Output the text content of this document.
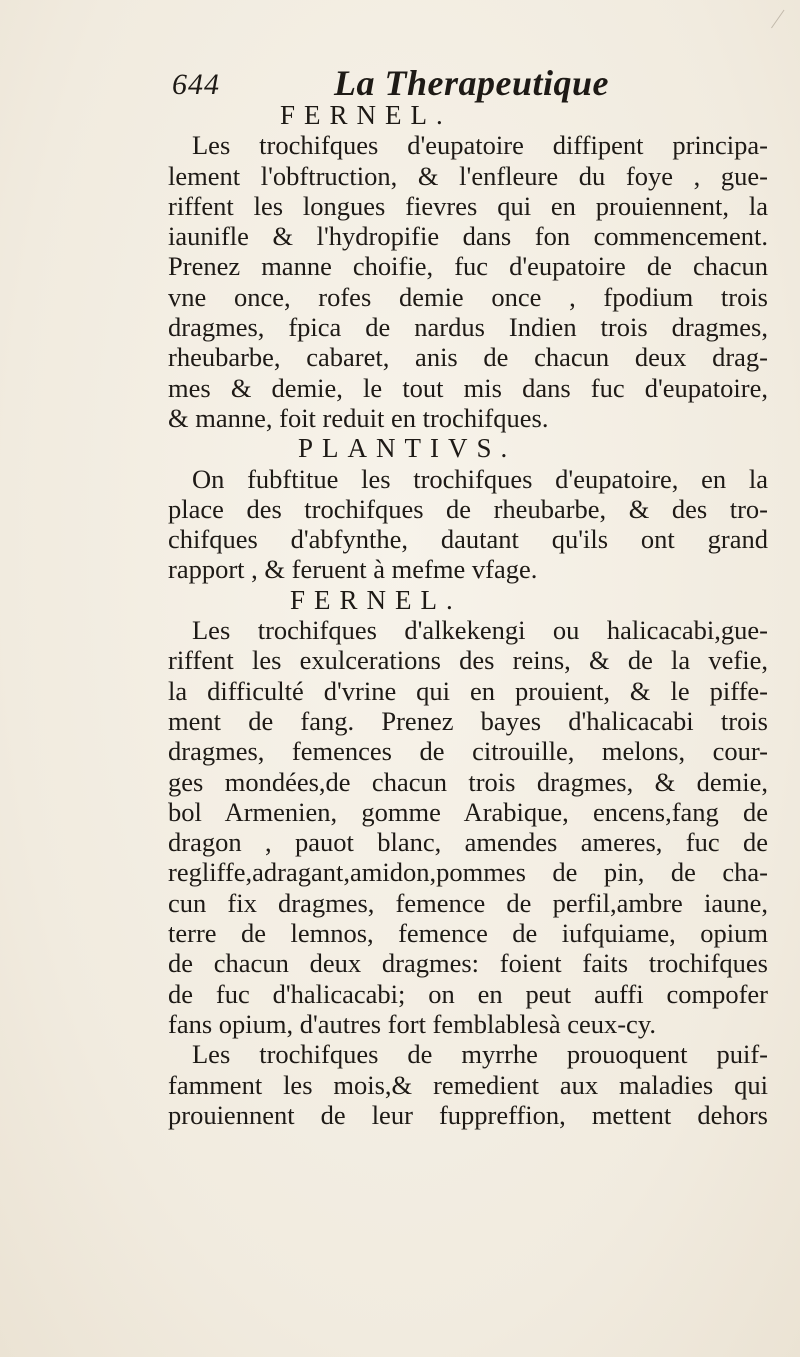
644	La Therapeutique
FERNEL.
Les trochifques d'eupatoire diffipent principa-
lement l'obftruction, & l'enfleure du foye , gue-
riffent les longues fievres qui en prouiennent, la
iaunifle & l'hydropifie dans fon commencement.
Prenez manne choifie, fuc d'eupatoire de chacun
vne once, rofes demie once , fpodium trois
dragmes, fpica de nardus Indien trois dragmes,
rheubarbe, cabaret, anis de chacun deux drag-
mes & demie, le tout mis dans fuc d'eupatoire,
& manne, foit reduit en trochifques.
PLANTIVS.
On fubftitue les trochifques d'eupatoire, en la
place des trochifques de rheubarbe, & des tro-
chifques d'abfynthe, dautant qu'ils ont grand
rapport , & feruent à mefme vfage.
FERNEL.
Les trochifques d'alkekengi ou halicacabi,gue-
riffent les exulcerations des reins, & de la vefie,
la difficulté d'vrine qui en prouient, & le piffe-
ment de fang. Prenez bayes d'halicacabi trois
dragmes, femences de citrouille, melons, cour-
ges mondées,de chacun trois dragmes, & demie,
bol Armenien, gomme Arabique, encens,fang de
dragon , pauot blanc, amendes ameres, fuc de
regliffe,adragant,amidon,pommes de pin, de cha-
cun fix dragmes, femence de perfil,ambre iaune,
terre de lemnos, femence de iufquiame, opium
de chacun deux dragmes: foient faits trochifques
de fuc d'halicacabi; on en peut auffi compofer
fans opium, d'autres fort femblablesà ceux-cy.
Les trochifques de myrrhe prouoquent puif-
famment les mois,& remedient aux maladies qui
prouiennent de leur fuppreffion, mettent dehors
